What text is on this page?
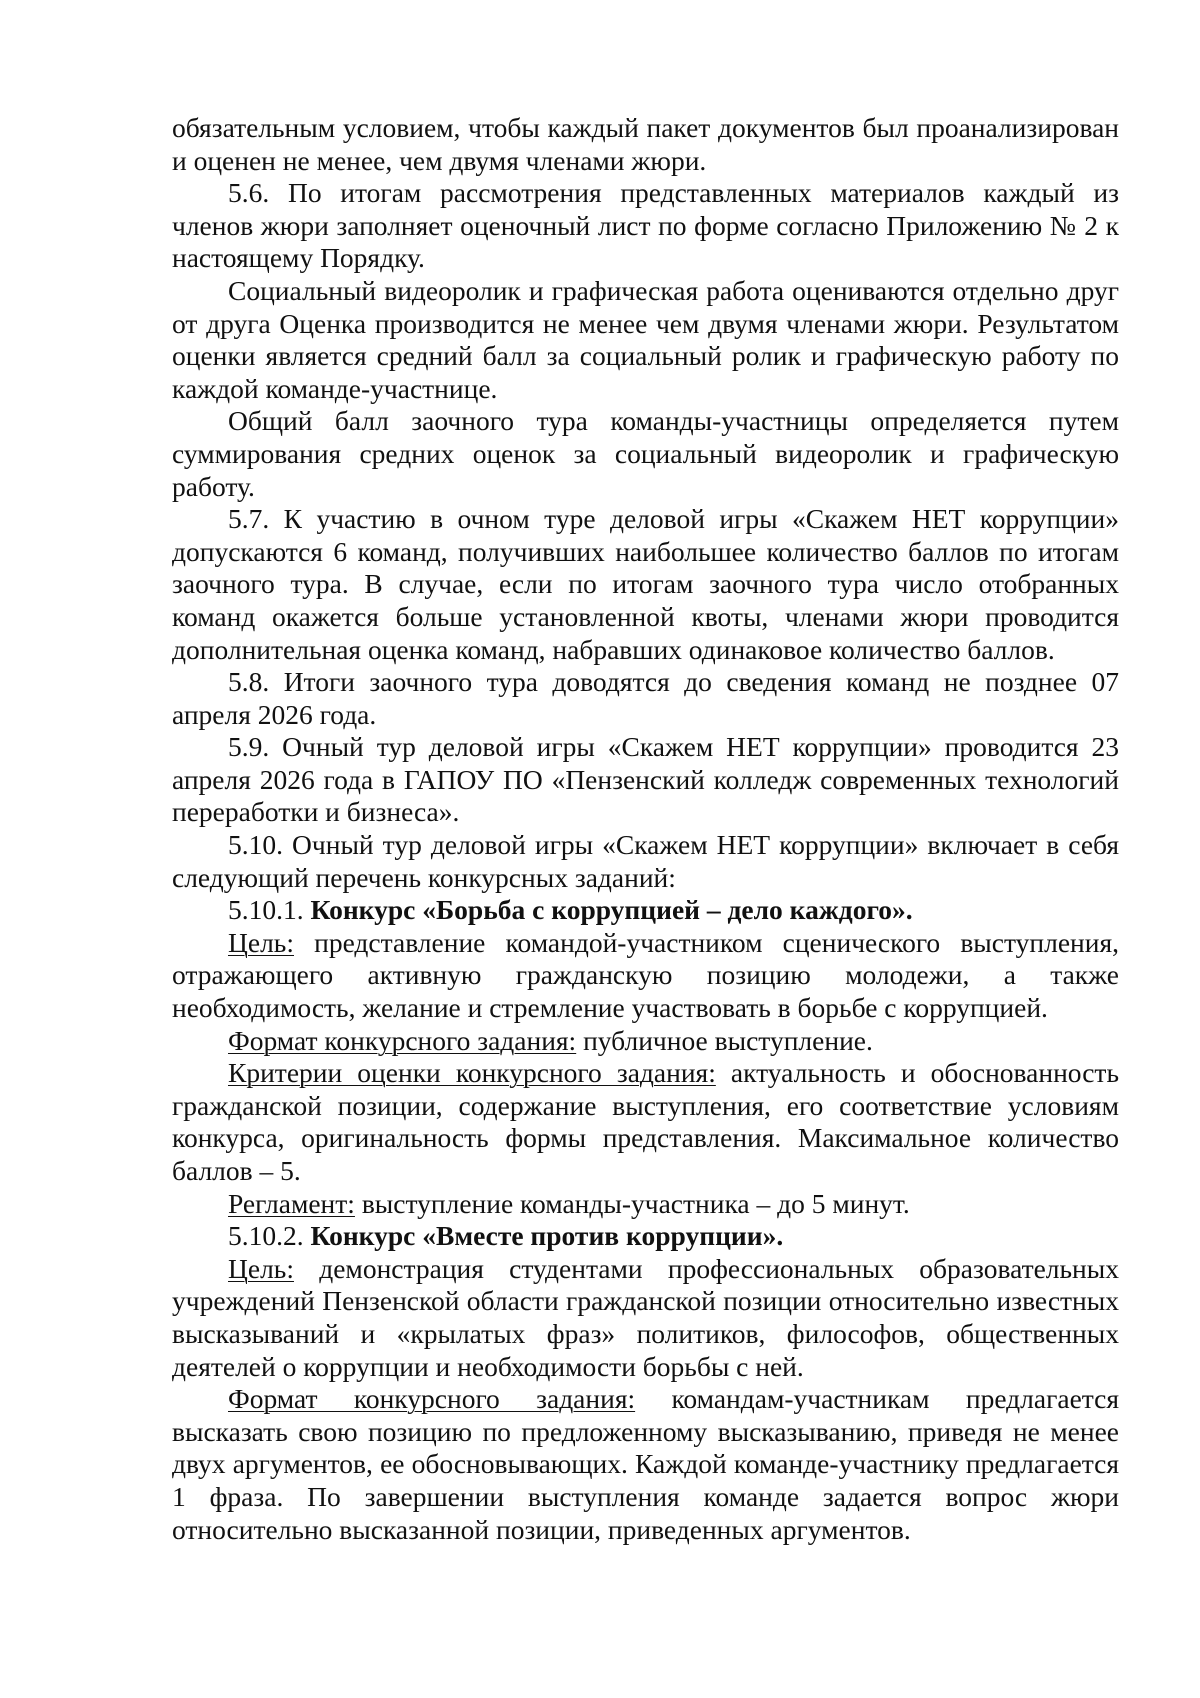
обязательным условием, чтобы каждый пакет документов был проанализирован и оценен не менее, чем двумя членами жюри.

5.6. По итогам рассмотрения представленных материалов каждый из членов жюри заполняет оценочный лист по форме согласно Приложению № 2 к настоящему Порядку.

Социальный видеоролик и графическая работа оцениваются отдельно друг от друга Оценка производится не менее чем двумя членами жюри. Результатом оценки является средний балл за социальный ролик и графическую работу по каждой команде-участнице.

Общий балл заочного тура команды-участницы определяется путем суммирования средних оценок за социальный видеоролик и графическую работу.

5.7. К участию в очном туре деловой игры «Скажем НЕТ коррупции» допускаются 6 команд, получивших наибольшее количество баллов по итогам заочного тура. В случае, если по итогам заочного тура число отобранных команд окажется больше установленной квоты, членами жюри проводится дополнительная оценка команд, набравших одинаковое количество баллов.

5.8. Итоги заочного тура доводятся до сведения команд не позднее 07 апреля 2026 года.

5.9. Очный тур деловой игры «Скажем НЕТ коррупции» проводится 23 апреля 2026 года в ГАПОУ ПО «Пензенский колледж современных технологий переработки и бизнеса».

5.10. Очный тур деловой игры «Скажем НЕТ коррупции» включает в себя следующий перечень конкурсных заданий:

5.10.1. Конкурс «Борьба с коррупцией – дело каждого».

Цель: представление командой-участником сценического выступления, отражающего активную гражданскую позицию молодежи, а также необходимость, желание и стремление участвовать в борьбе с коррупцией.

Формат конкурсного задания: публичное выступление.

Критерии оценки конкурсного задания: актуальность и обоснованность гражданской позиции, содержание выступления, его соответствие условиям конкурса, оригинальность формы представления. Максимальное количество баллов – 5.

Регламент: выступление команды-участника – до 5 минут.

5.10.2. Конкурс «Вместе против коррупции».

Цель: демонстрация студентами профессиональных образовательных учреждений Пензенской области гражданской позиции относительно известных высказываний и «крылатых фраз» политиков, философов, общественных деятелей о коррупции и необходимости борьбы с ней.

Формат конкурсного задания: командам-участникам предлагается высказать свою позицию по предложенному высказыванию, приведя не менее двух аргументов, ее обосновывающих. Каждой команде-участнику предлагается 1 фраза. По завершении выступления команде задается вопрос жюри относительно высказанной позиции, приведенных аргументов.
